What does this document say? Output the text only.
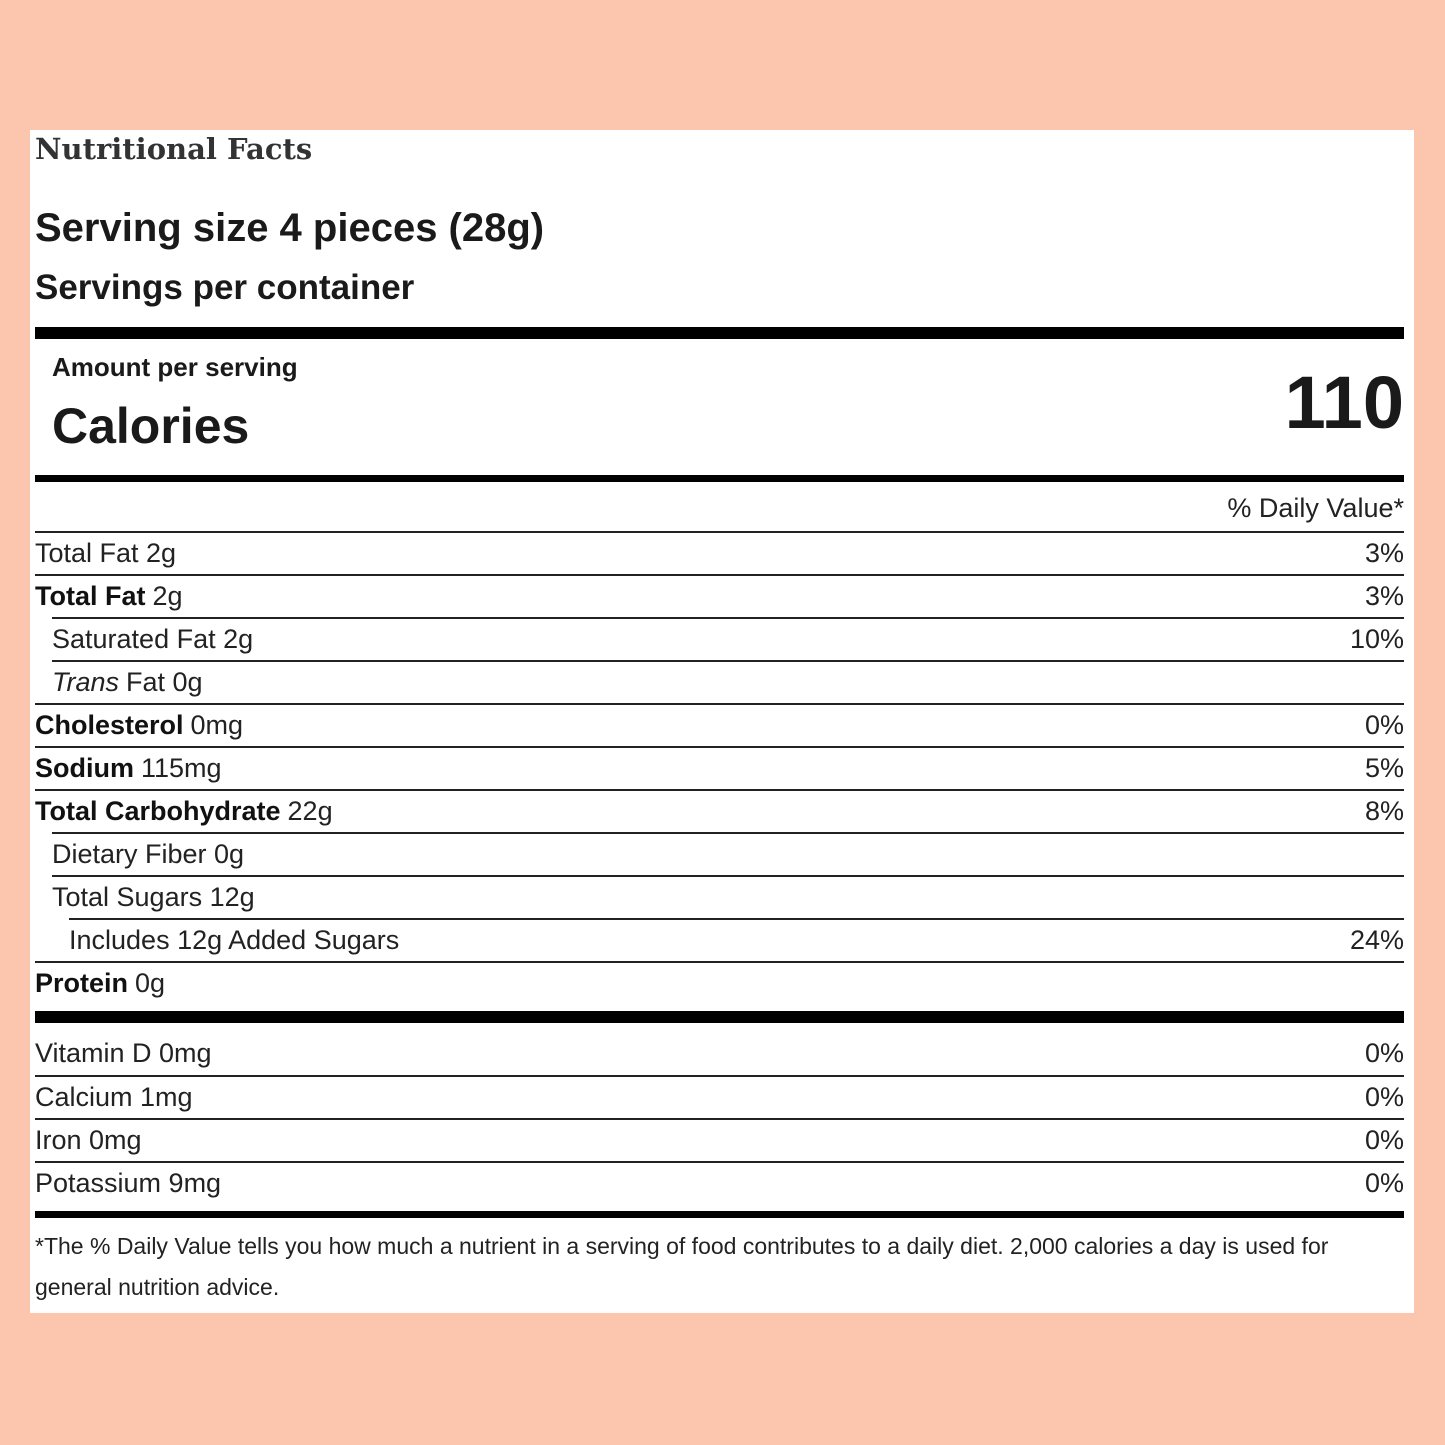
Nutritional Facts
Serving size 4 pieces (28g)
Servings per container
Amount per serving
Calories	110
% Daily Value*
Total Fat 2g	3%
Total Fat 2g	3%
Saturated Fat 2g	10%
Trans Fat 0g
Cholesterol 0mg	0%
Sodium 115mg	5%
Total Carbohydrate 22g	8%
Dietary Fiber 0g
Total Sugars 12g
Includes 12g Added Sugars	24%
Protein 0g
Vitamin D 0mg	0%
Calcium 1mg	0%
Iron 0mg	0%
Potassium 9mg	0%
*The % Daily Value tells you how much a nutrient in a serving of food contributes to a daily diet. 2,000 calories a day is used for general nutrition advice.
